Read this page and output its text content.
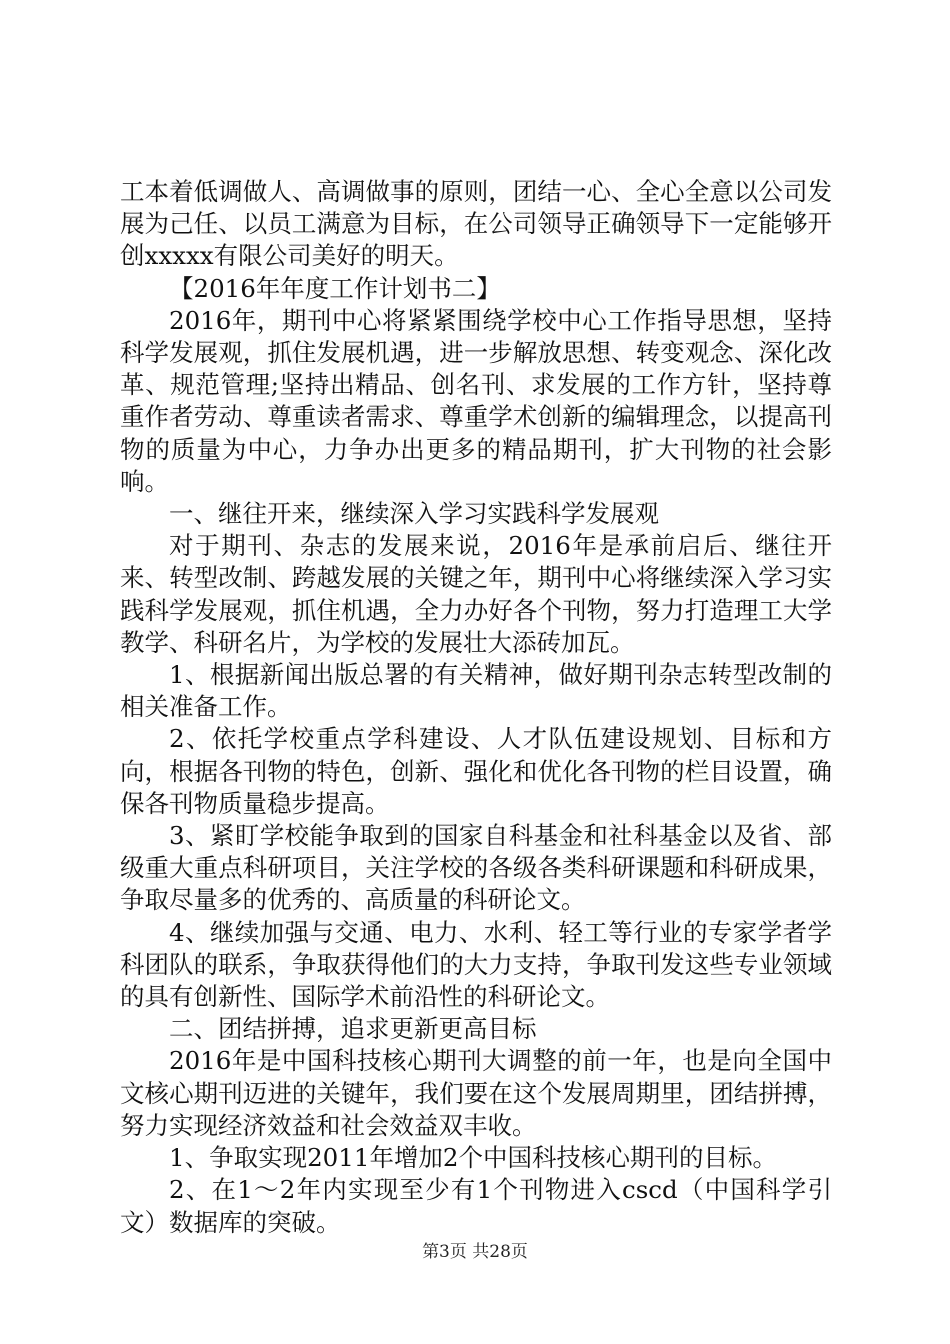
工本着低调做人、高调做事的原则，团结一心、全心全意以公司发展为己任、以员工满意为目标，在公司领导正确领导下一定能够开创xxxxx有限公司美好的明天。

【2016年年度工作计划书二】

2016年，期刊中心将紧紧围绕学校中心工作指导思想，坚持科学发展观，抓住发展机遇，进一步解放思想、转变观念、深化改革、规范管理;坚持出精品、创名刊、求发展的工作方针，坚持尊重作者劳动、尊重读者需求、尊重学术创新的编辑理念，以提高刊物的质量为中心，力争办出更多的精品期刊，扩大刊物的社会影响。

一、继往开来，继续深入学习实践科学发展观

对于期刊、杂志的发展来说，2016年是承前启后、继往开来、转型改制、跨越发展的关键之年，期刊中心将继续深入学习实践科学发展观，抓住机遇，全力办好各个刊物，努力打造理工大学教学、科研名片，为学校的发展壮大添砖加瓦。

1、根据新闻出版总署的有关精神，做好期刊杂志转型改制的相关准备工作。

2、依托学校重点学科建设、人才队伍建设规划、目标和方向，根据各刊物的特色，创新、强化和优化各刊物的栏目设置，确保各刊物质量稳步提高。

3、紧盯学校能争取到的国家自科基金和社科基金以及省、部级重大重点科研项目，关注学校的各级各类科研课题和科研成果，争取尽量多的优秀的、高质量的科研论文。

4、继续加强与交通、电力、水利、轻工等行业的专家学者学科团队的联系，争取获得他们的大力支持，争取刊发这些专业领域的具有创新性、国际学术前沿性的科研论文。

二、团结拼搏，追求更新更高目标

2016年是中国科技核心期刊大调整的前一年，也是向全国中文核心期刊迈进的关键年，我们要在这个发展周期里，团结拼搏，努力实现经济效益和社会效益双丰收。

1、争取实现2011年增加2个中国科技核心期刊的目标。

2、在1～2年内实现至少有1个刊物进入cscd（中国科学引文）数据库的突破。

第3页 共28页
